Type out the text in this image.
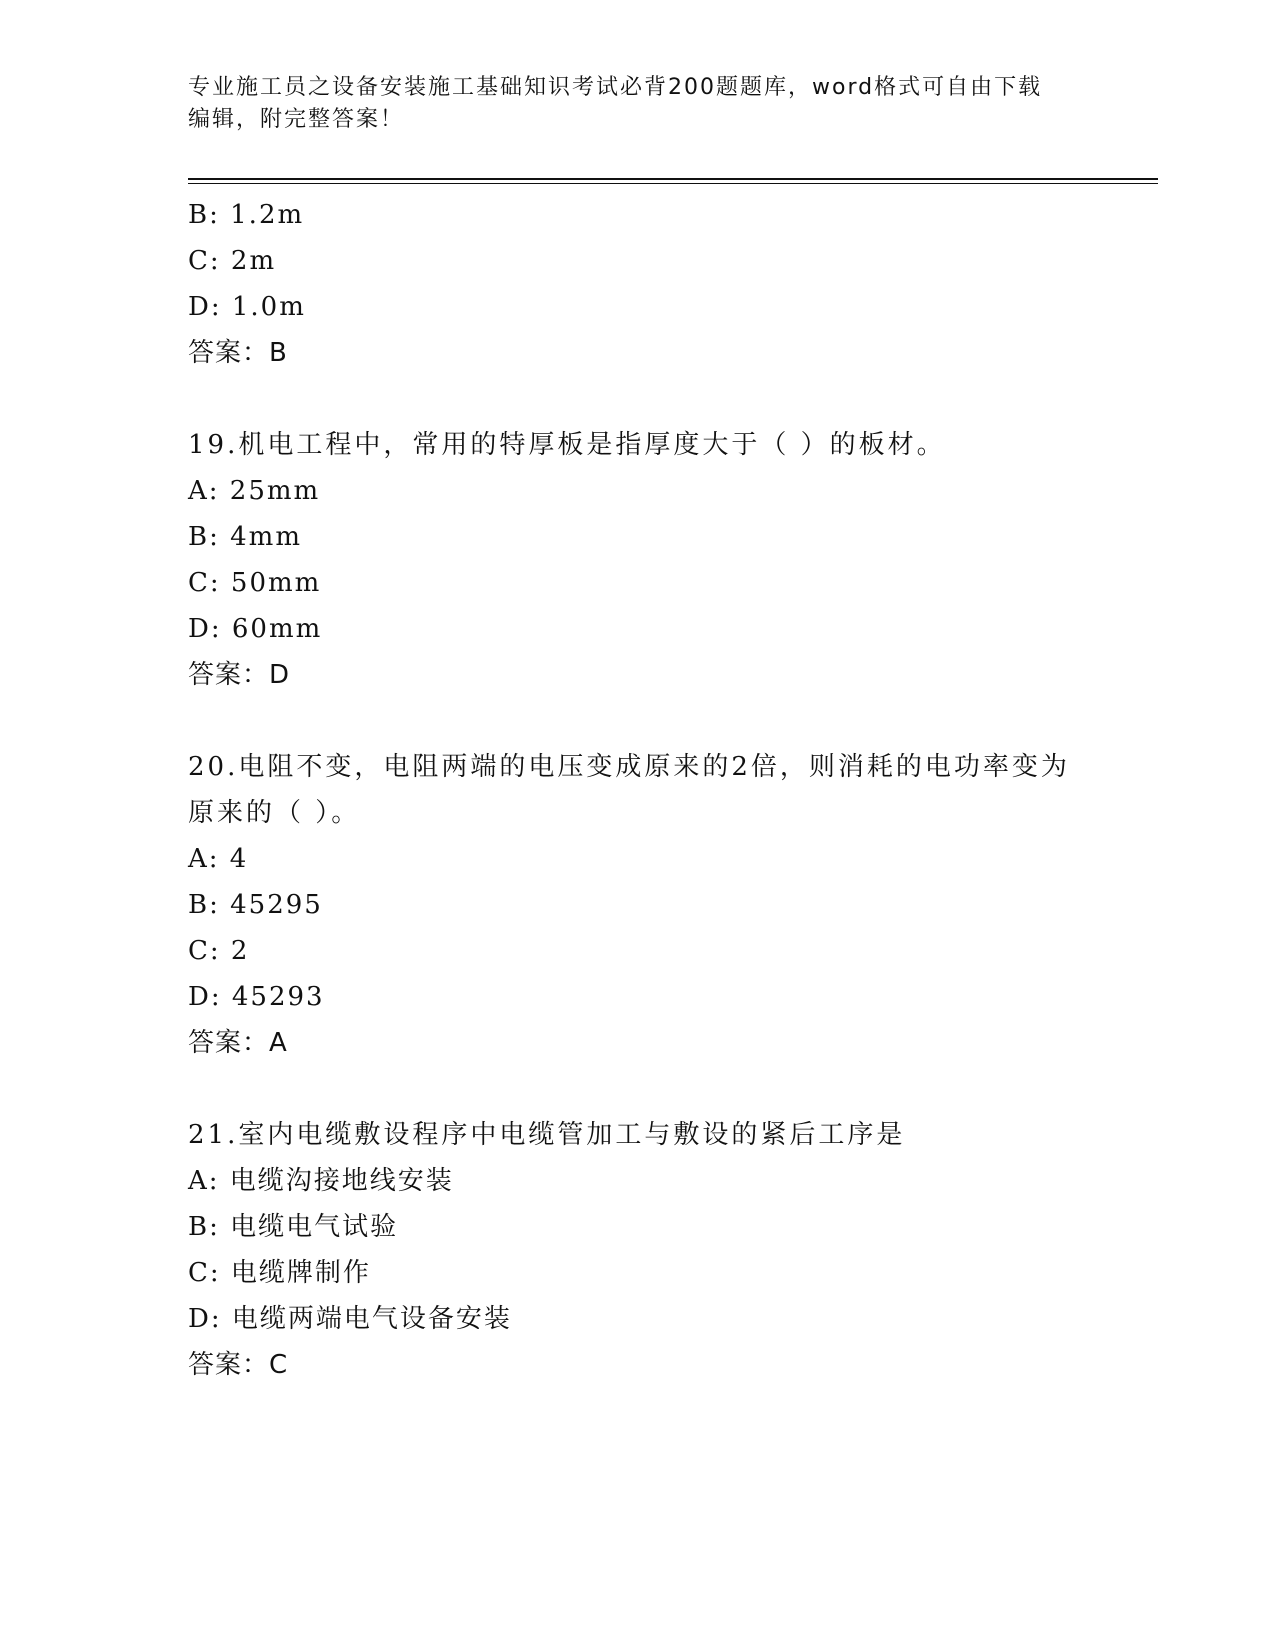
专业施工员之设备安装施工基础知识考试必背200题题库，word格式可自由下载
编辑，附完整答案！
B: 1.2m
C: 2m
D: 1.0m
答案：B
19.机电工程中，常用的特厚板是指厚度大于（ ）的板材。
A: 25mm
B: 4mm
C: 50mm
D: 60mm
答案：D
20.电阻不变，电阻两端的电压变成原来的2倍，则消耗的电功率变为
原来的（ ）。
A: 4
B: 45295
C: 2
D: 45293
答案：A
21.室内电缆敷设程序中电缆管加工与敷设的紧后工序是
A: 电缆沟接地线安装
B: 电缆电气试验
C: 电缆牌制作
D: 电缆两端电气设备安装
答案：C
